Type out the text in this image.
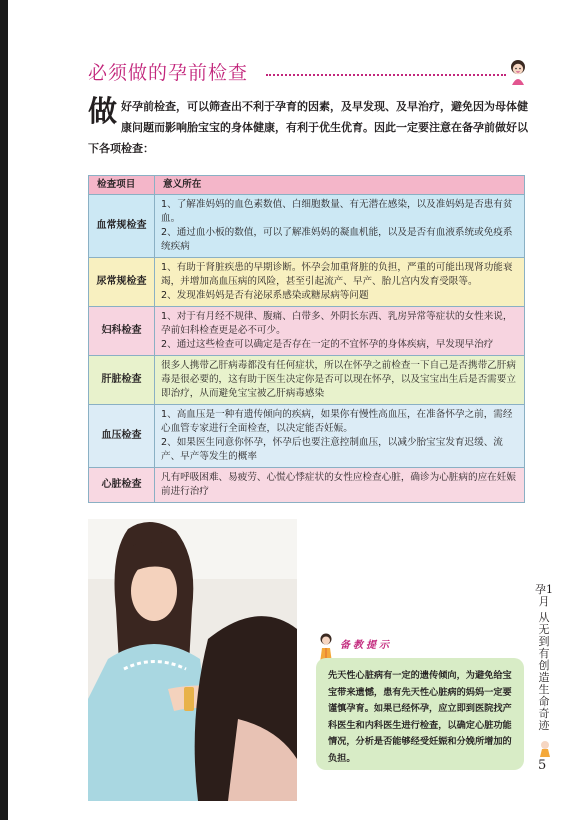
必须做的孕前检查
做 好孕前检查，可以筛查出不利于孕育的因素，及早发现、及早治疗，避免因为母体健康问题而影响胎宝宝的身体健康，有利于优生优育。因此一定要注意在备孕前做好以下各项检查：
检查项目	意义所在
血常规检查	1、了解准妈妈的血色素数值、白细胞数量、有无潜在感染，以及准妈妈是否患有贫血。
2、通过血小板的数值，可以了解准妈妈的凝血机能，以及是否有血液系统或免疫系统疾病

尿常规检查	1、有助于肾脏疾患的早期诊断。怀孕会加重肾脏的负担，严重的可能出现肾功能衰竭，并增加高血压病的风险，甚至引起流产、早产、胎儿宫内发育受限等。
2、发现准妈妈是否有泌尿系感染或糖尿病等问题

妇科检查	1、对于有月经不规律、腹痛、白带多、外阴长东西、乳房异常等症状的女性来说，孕前妇科检查更是必不可少。
2、通过这些检查可以确定是否存在一定的不宜怀孕的身体疾病，早发现早治疗

肝脏检查	很多人携带乙肝病毒都没有任何症状，所以在怀孕之前检查一下自己是否携带乙肝病毒是很必要的，这有助于医生决定你是否可以现在怀孕，以及宝宝出生后是否需要立即治疗，从而避免宝宝被乙肝病毒感染

血压检查	1、高血压是一种有遗传倾向的疾病，如果你有慢性高血压，在准备怀孕之前，需经心血管专家进行全面检查，以决定能否妊娠。
2、如果医生同意你怀孕，怀孕后也要注意控制血压，以减少胎宝宝发育迟缓、流产、早产等发生的概率

心脏检查	凡有呼吸困难、易疲劳、心慌心悸症状的女性应检查心脏，确诊为心脏病的应在妊娠前进行治疗
备教提示
先天性心脏病有一定的遗传倾向，为避免给宝宝带来遗憾，患有先天性心脏病的妈妈一定要谨慎孕育。如果已经怀孕，应立即到医院找产科医生和内科医生进行检查，以确定心脏功能情况，分析是否能够经受妊娠和分娩所增加的负担。
孕1月
从无到有创造生命奇迹
5
